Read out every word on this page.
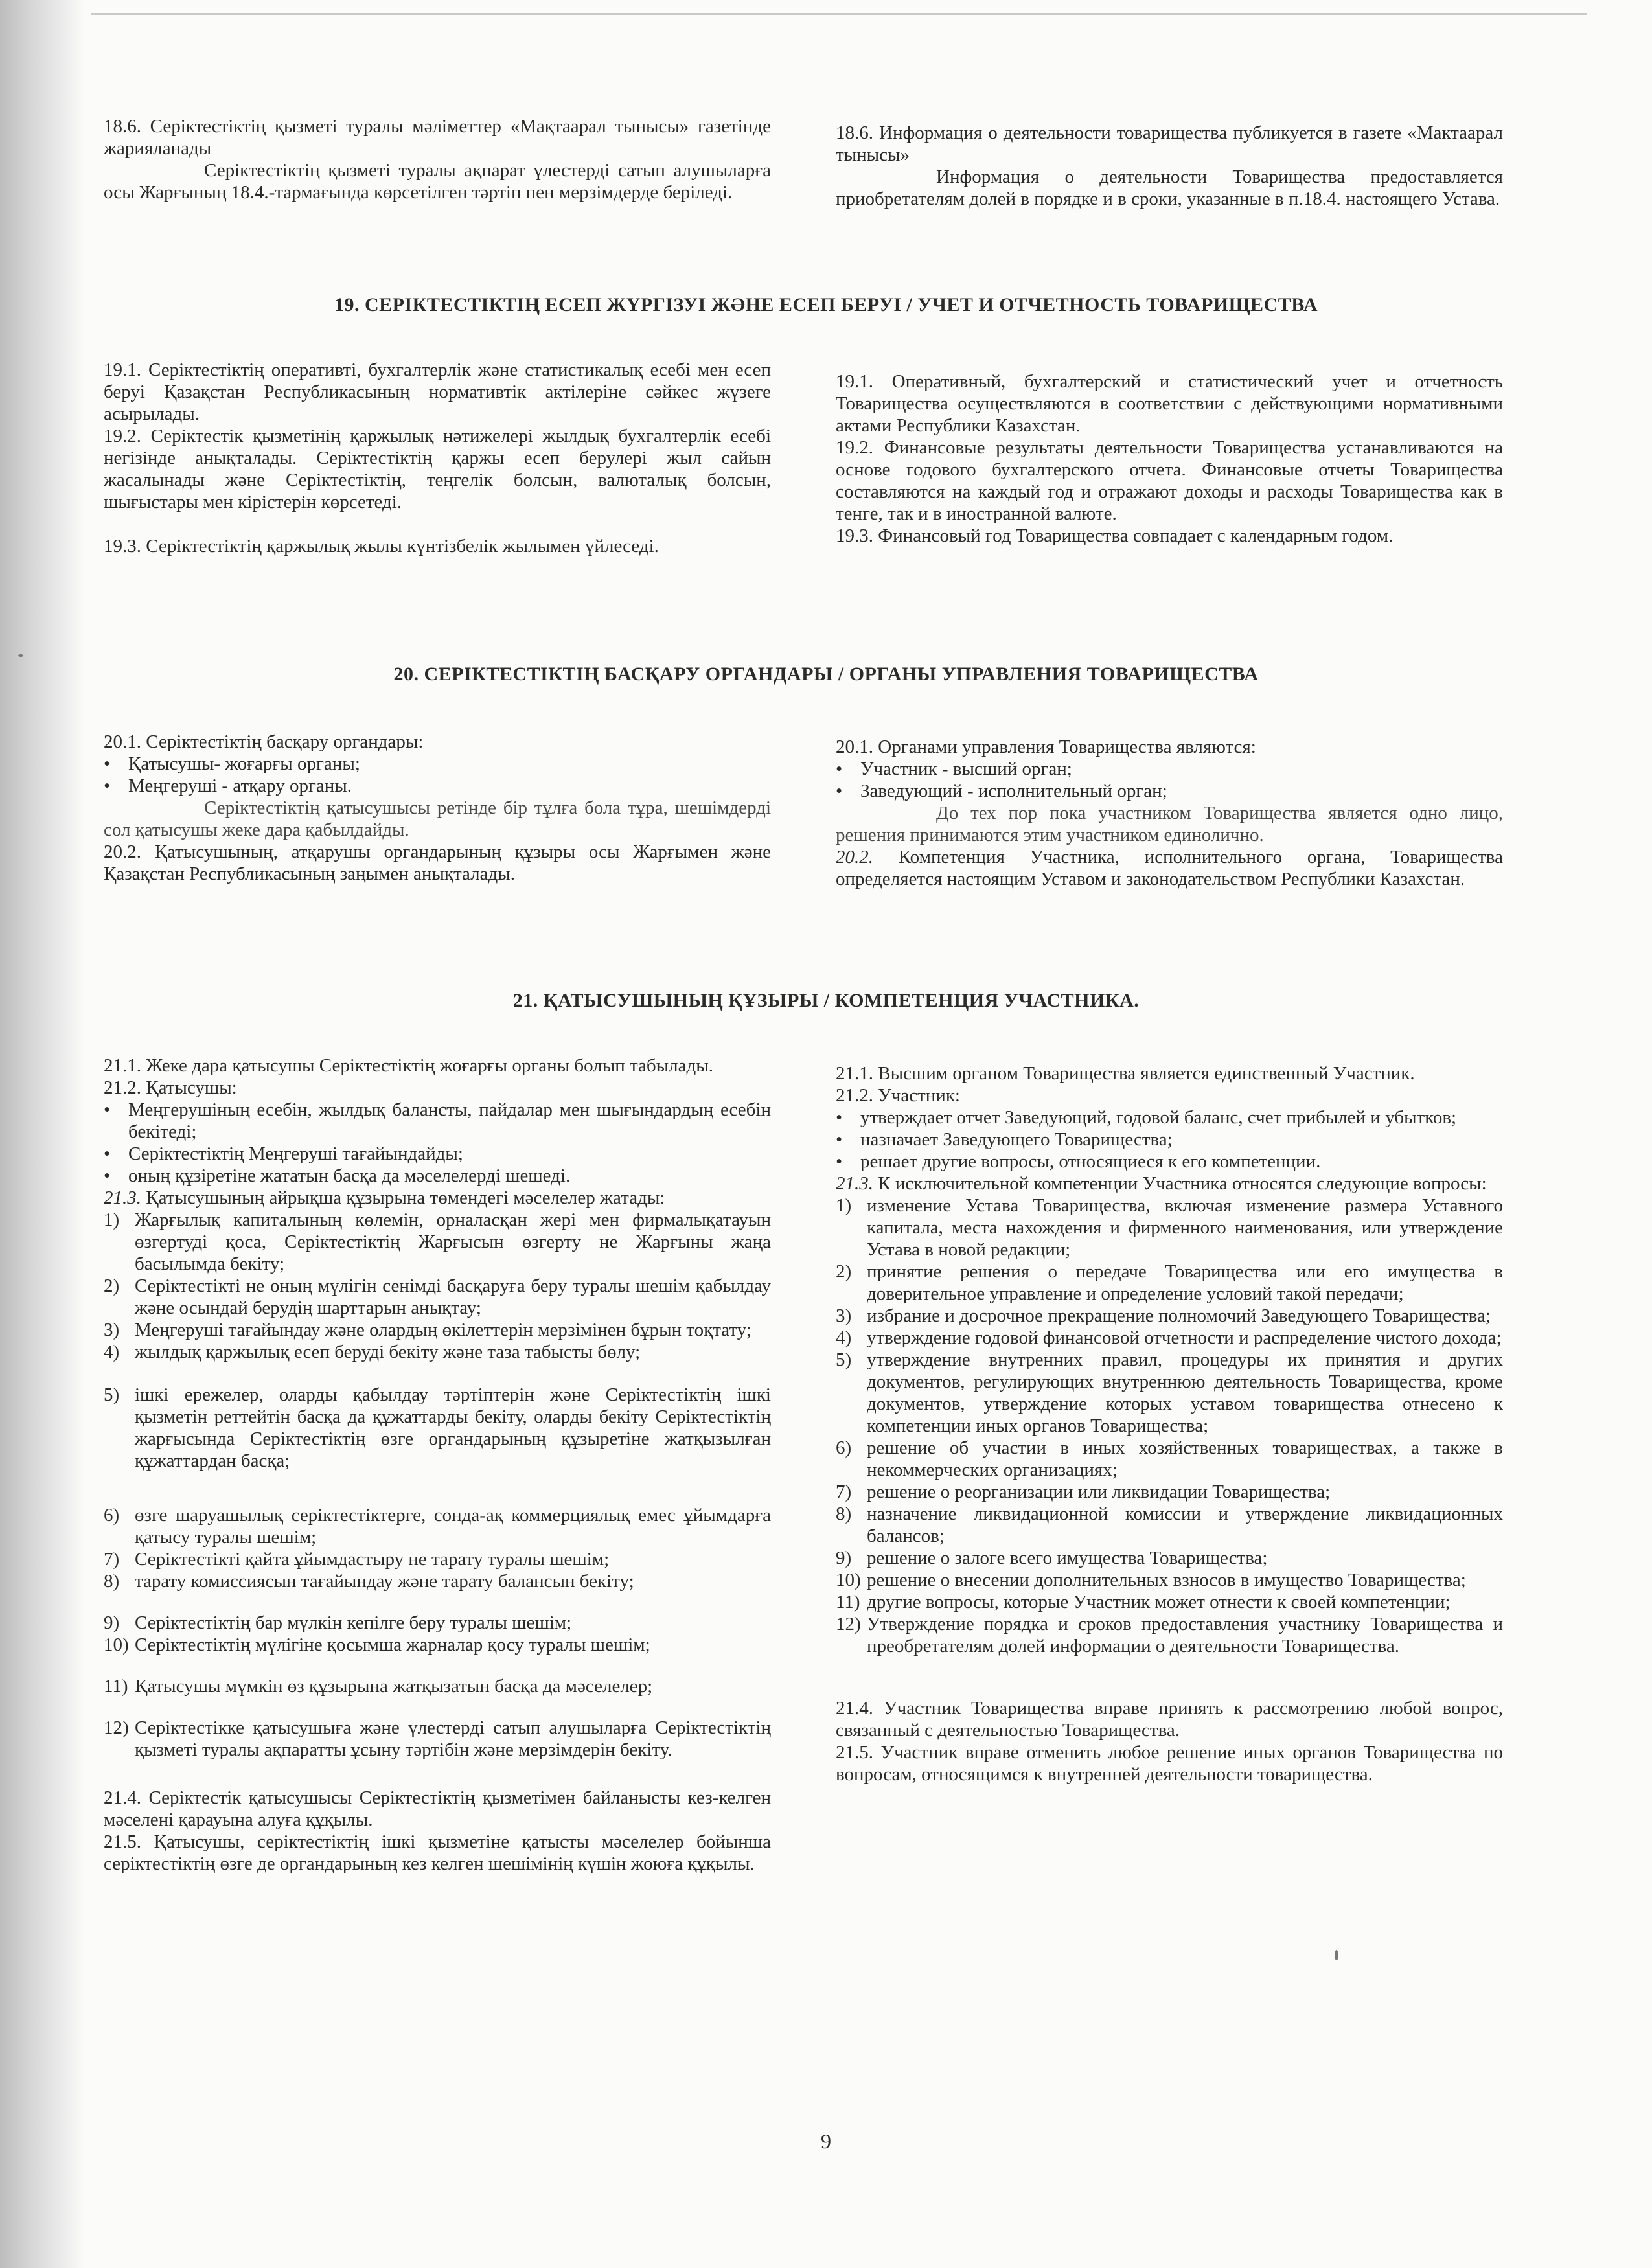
18.6. Серіктестіктің қызметі туралы мәліметтер «Мақтаарал тынысы» газетінде жарияланады

Серіктестіктің қызметі туралы ақпарат үлестерді сатып алушыларға осы Жарғының 18.4.-тармағында көрсетілген тәртіп пен мерзімдерде беріледі.

18.6. Информация о деятельности товарищества публикуется в газете «Мактаарал тынысы»

Информация о деятельности Товарищества предоставляется приобретателям долей в порядке и в сроки, указанные в п.18.4. настоящего Устава.

19. СЕРІКТЕСТІКТІҢ ЕСЕП ЖҮРГІЗУІ ЖӘНЕ ЕСЕП БЕРУІ / УЧЕТ И ОТЧЕТНОСТЬ ТОВАРИЩЕСТВА

19.1. Серіктестіктің оперативті, бухгалтерлік және статистикалық есебі мен есеп беруі Қазақстан Республикасының нормативтік актілеріне сәйкес жүзеге асырылады.

19.2. Серіктестік қызметінің қаржылық нәтижелері жылдық бухгалтерлік есебі негізінде анықталады. Серіктестіктің қаржы есеп берулері жыл сайын жасалынады және Серіктестіктің, теңгелік болсын, валюталық болсын, шығыстары мен кірістерін көрсетеді.

19.3. Серіктестіктің қаржылық жылы күнтізбелік жылымен үйлеседі.

19.1. Оперативный, бухгалтерский и статистический учет и отчетность Товарищества осуществляются в соответствии с действующими нормативными актами Республики Казахстан.

19.2. Финансовые результаты деятельности Товарищества устанавливаются на основе годового бухгалтерского отчета. Финансовые отчеты Товарищества составляются на каждый год и отражают доходы и расходы Товарищества как в тенге, так и в иностранной валюте.

19.3. Финансовый год Товарищества совпадает с календарным годом.

20. СЕРІКТЕСТІКТІҢ БАСҚАРУ ОРГАНДАРЫ / ОРГАНЫ УПРАВЛЕНИЯ ТОВАРИЩЕСТВА

20.1. Серіктестіктің басқару органдары:

• Қатысушы- жоғарғы органы;
• Меңгеруші - атқару органы.

Серіктестіктің қатысушысы ретінде бір тұлға бола тұра, шешімдерді сол қатысушы жеке дара қабылдайды.

20.2. Қатысушының, атқарушы органдарының құзыры осы Жарғымен және Қазақстан Республикасының заңымен анықталады.

20.1. Органами управления Товарищества являются:

• Участник - высший орган;
• Заведующий - исполнительный орган;

До тех пор пока участником Товарищества является одно лицо, решения принимаются этим участником единолично.

20.2. Компетенция Участника, исполнительного органа, Товарищества определяется настоящим Уставом и законодательством Республики Казахстан.

21. ҚАТЫСУШЫНЫҢ ҚҰЗЫРЫ / КОМПЕТЕНЦИЯ УЧАСТНИКА.

21.1. Жеке дара қатысушы Серіктестіктің жоғарғы органы болып табылады.

21.2. Қатысушы:

• Меңгерушіның есебін, жылдық балансты, пайдалар мен шығындардың есебін бекітеді;
• Серіктестіктің Меңгеруші тағайындайды;
• оның құзіретіне жататын басқа да мәселелерді шешеді.

21.3. Қатысушының айрықша құзырына төмендегі мәселелер жатады:

1) Жарғылық капиталының көлемін, орналасқан жері мен фирмалықатауын өзгертуді қоса, Серіктестіктің Жарғысын өзгерту не Жарғыны жаңа басылымда бекіту;
2) Серіктестікті не оның мүлігін сенімді басқаруға беру туралы шешім қабылдау және осындай берудің шарттарын анықтау;
3) Меңгеруші тағайындау және олардың өкілеттерін мерзімінен бұрын тоқтату;
4) жылдық қаржылық есеп беруді бекіту және таза табысты бөлу;
5) ішкі ережелер, оларды қабылдау тәртіптерін және Серіктестіктің ішкі қызметін реттейтін басқа да құжаттарды бекіту, оларды бекіту Серіктестіктің жарғысында Серіктестіктің өзге органдарының құзыретіне жатқызылған құжаттардан басқа;
6) өзге шаруашылық серіктестіктерге, сонда-ақ коммерциялық емес ұйымдарға қатысу туралы шешім;
7) Серіктестікті қайта ұйымдастыру не тарату туралы шешім;
8) тарату комиссиясын тағайындау және тарату балансын бекіту;
9) Серіктестіктің бар мүлкін кепілге беру туралы шешім;
10) Серіктестіктің мүлігіне қосымша жарналар қосу туралы шешім;
11) Қатысушы мүмкін өз құзырына жатқызатын басқа да мәселелер;
12) Серіктестікке қатысушыға және үлестерді сатып алушыларға Серіктестіктің қызметі туралы ақпаратты ұсыну тәртібін және мерзімдерін бекіту.

21.4. Серіктестік қатысушысы Серіктестіктің қызметімен байланысты кез-келген мәселені қарауына алуға құқылы.

21.5. Қатысушы, серіктестіктің ішкі қызметіне қатысты мәселелер бойынша серіктестіктің өзге де органдарының кез келген шешімінің күшін жоюға құқылы.

21.1. Высшим органом Товарищества является единственный Участник.

21.2. Участник:

• утверждает отчет Заведующий, годовой баланс, счет прибылей и убытков;
• назначает Заведующего Товарищества;
• решает другие вопросы, относящиеся к его компетенции.

21.3. К исключительной компетенции Участника относятся следующие вопросы:

1) изменение Устава Товарищества, включая изменение размера Уставного капитала, места нахождения и фирменного наименования, или утверждение Устава в новой редакции;
2) принятие решения о передаче Товарищества или его имущества в доверительное управление и определение условий такой передачи;
3) избрание и досрочное прекращение полномочий Заведующего Товарищества;
4) утверждение годовой финансовой отчетности и распределение чистого дохода;
5) утверждение внутренних правил, процедуры их принятия и других документов, регулирующих внутреннюю деятельность Товарищества, кроме документов, утверждение которых уставом товарищества отнесено к компетенции иных органов Товарищества;
6) решение об участии в иных хозяйственных товариществах, а также в некоммерческих организациях;
7) решение о реорганизации или ликвидации Товарищества;
8) назначение ликвидационной комиссии и утверждение ликвидационных балансов;
9) решение о залоге всего имущества Товарищества;
10) решение о внесении дополнительных взносов в имущество Товарищества;
11) другие вопросы, которые Участник может отнести к своей компетенции;
12) Утверждение порядка и сроков предоставления участнику Товарищества и преобретателям долей информации о деятельности Товарищества.

21.4. Участник Товарищества вправе принять к рассмотрению любой вопрос, связанный с деятельностью Товарищества.

21.5. Участник вправе отменить любое решение иных органов Товарищества по вопросам, относящимся к внутренней деятельности товарищества.

9
